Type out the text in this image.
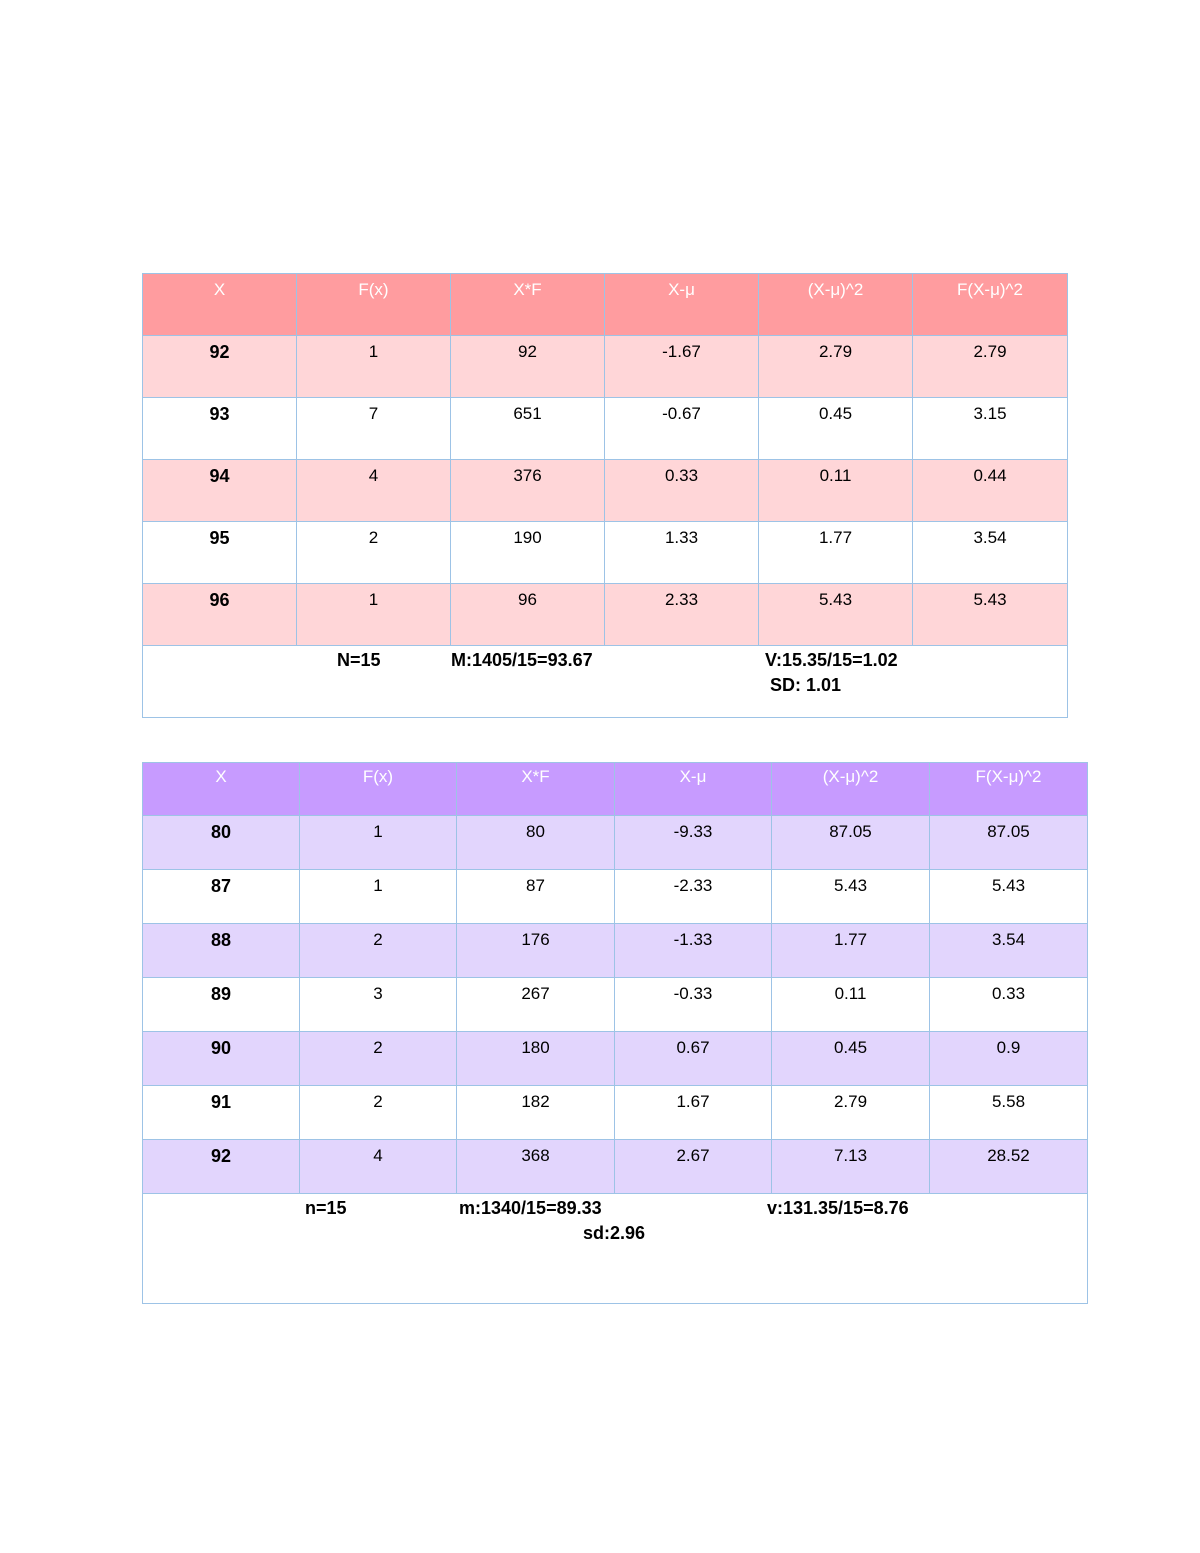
X	F(x)	X*F	X-μ	(X-μ)^2	F(X-μ)^2
92	1	92	-1.67	2.79	2.79
93	7	651	-0.67	0.45	3.15
94	4	376	0.33	0.11	0.44
95	2	190	1.33	1.77	3.54
96	1	96	2.33	5.43	5.43

N=15 M:1405/15=93.67 V:15.35/15=1.02
SD: 1.01					
X	F(x)	X*F	X-μ	(X-μ)^2	F(X-μ)^2
80	1	80	-9.33	87.05	87.05
87	1	87	-2.33	5.43	5.43
88	2	176	-1.33	1.77	3.54
89	3	267	-0.33	0.11	0.33
90	2	180	0.67	0.45	0.9
91	2	182	1.67	2.79	5.58
92	4	368	2.67	7.13	28.52

n=15 m:1340/15=89.33
sd:2.96
v:131.35/15=8.76					
